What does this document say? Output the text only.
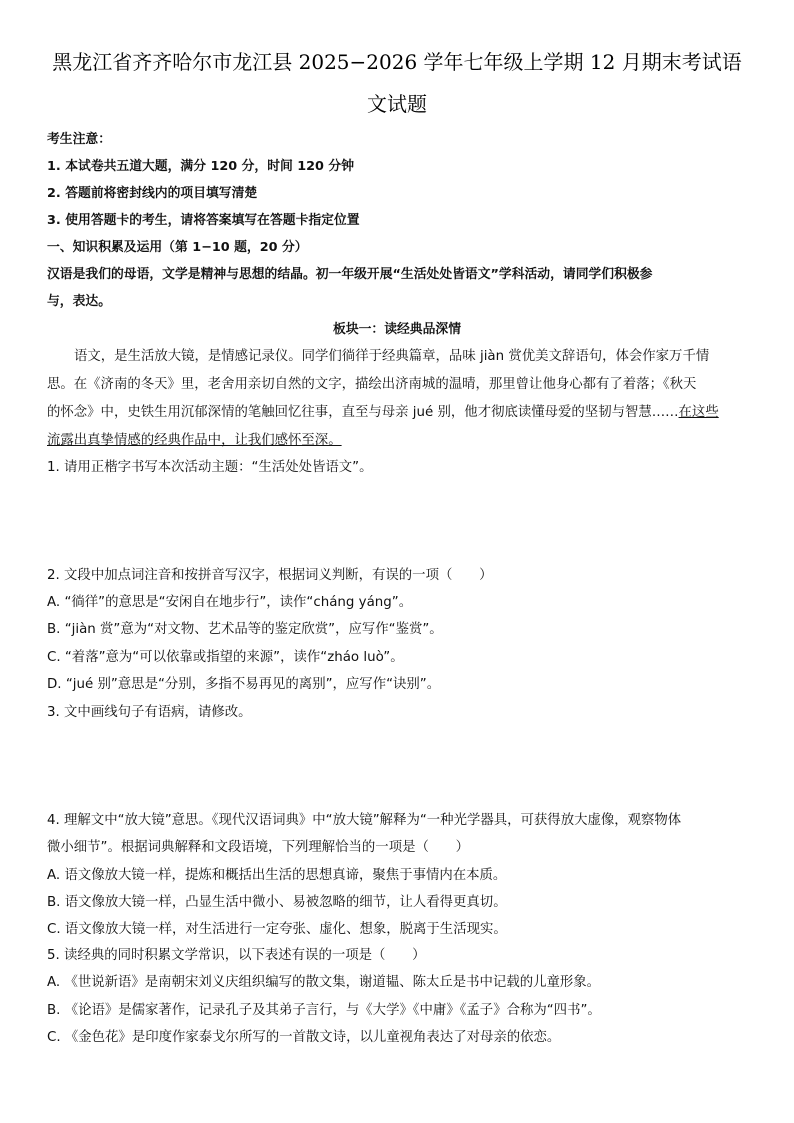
黑龙江省齐齐哈尔市龙江县 2025−2026 学年七年级上学期 12 月期末考试语
文试题
考生注意：
1. 本试卷共五道大题，满分 120 分，时间 120 分钟
2. 答题前将密封线内的项目填写清楚
3. 使用答题卡的考生，请将答案填写在答题卡指定位置
一、知识积累及运用（第 1−10 题，20 分）
汉语是我们的母语，文学是精神与思想的结晶。初一年级开展“生活处处皆语文”学科活动，请同学们积极参
与，表达。
板块一：读经典品深情
语文，是生活放大镜，是情感记录仪。同学们徜徉于经典篇章，品味 jiàn 赏优美文辞语句，体会作家万千情
思。在《济南的冬天》里，老舍用亲切自然的文字，描绘出济南城的温晴，那里曾让他身心都有了着落；《秋天
的怀念》中，史铁生用沉郁深情的笔触回忆往事，直至与母亲 jué 别，他才彻底读懂母爱的坚韧与智慧……在这些
流露出真挚情感的经典作品中，让我们感怀至深。
1. 请用正楷字书写本次活动主题：“生活处处皆语文”。
2. 文段中加点词注音和按拼音写汉字，根据词义判断，有误的一项（　　）
A. “徜徉”的意思是“安闲自在地步行”，读作“cháng yáng”。
B. “jiàn 赏”意为“对文物、艺术品等的鉴定欣赏”，应写作“鉴赏”。
C. “着落”意为“可以依靠或指望的来源”，读作“zháo luò”。
D. “jué 别”意思是“分别，多指不易再见的离别”，应写作“诀别”。
3. 文中画线句子有语病，请修改。
4. 理解文中“放大镜”意思。《现代汉语词典》中“放大镜”解释为“一种光学器具，可获得放大虚像，观察物体
微小细节”。根据词典解释和文段语境，下列理解恰当的一项是（　　）
A. 语文像放大镜一样，提炼和概括出生活的思想真谛，聚焦于事情内在本质。
B. 语文像放大镜一样，凸显生活中微小、易被忽略的细节，让人看得更真切。
C. 语文像放大镜一样，对生活进行一定夸张、虚化、想象，脱离于生活现实。
5. 读经典的同时积累文学常识，以下表述有误的一项是（　　）
A. 《世说新语》是南朝宋刘义庆组织编写的散文集，谢道韫、陈太丘是书中记载的儿童形象。
B. 《论语》是儒家著作，记录孔子及其弟子言行，与《大学》《中庸》《孟子》合称为“四书”。
C. 《金色花》是印度作家泰戈尔所写的一首散文诗，以儿童视角表达了对母亲的依恋。
